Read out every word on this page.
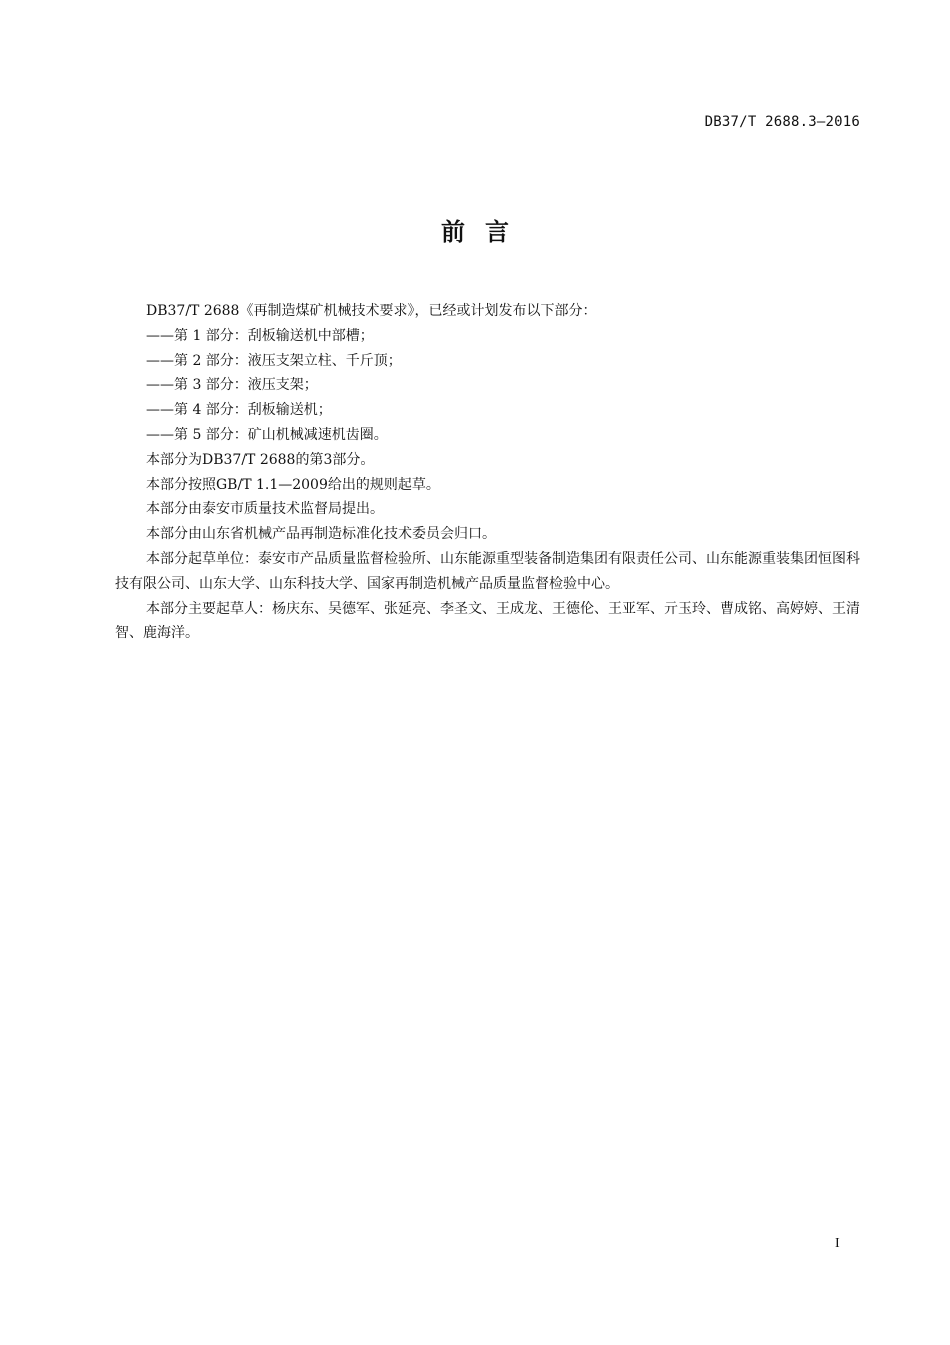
DB37/T 2688.3—2016
前言

DB37/T 2688《再制造煤矿机械技术要求》，已经或计划发布以下部分：

——第 1 部分：刮板输送机中部槽；

——第 2 部分：液压支架立柱、千斤顶；

——第 3 部分：液压支架；

——第 4 部分：刮板输送机；

——第 5 部分：矿山机械减速机齿圈。

本部分为DB37/T 2688的第3部分。

本部分按照GB/T 1.1—2009给出的规则起草。

本部分由泰安市质量技术监督局提出。

本部分由山东省机械产品再制造标准化技术委员会归口。

本部分起草单位：泰安市产品质量监督检验所、山东能源重型装备制造集团有限责任公司、山东能源重装集团恒图科技有限公司、山东大学、山东科技大学、国家再制造机械产品质量监督检验中心。

本部分主要起草人：杨庆东、吴德军、张延亮、李圣文、王成龙、王德伦、王亚军、亓玉玲、曹成铭、高婷婷、王清智、鹿海洋。

I
